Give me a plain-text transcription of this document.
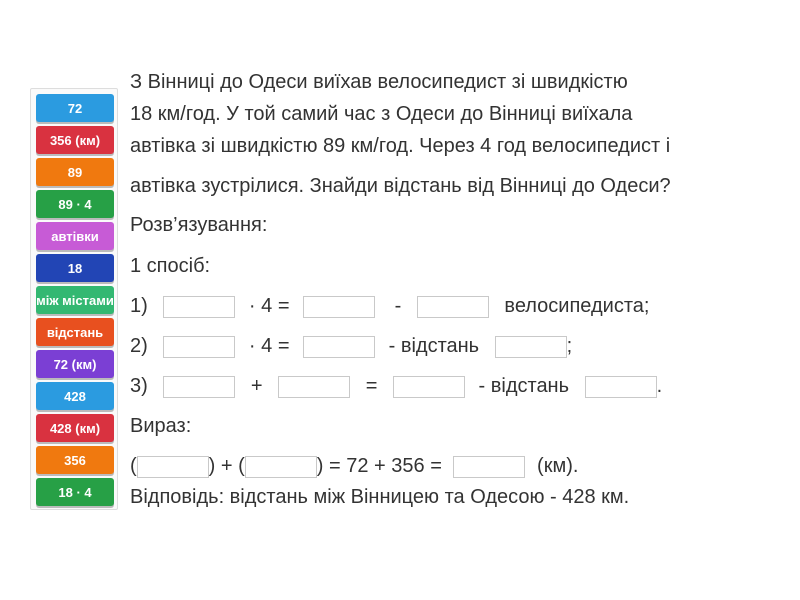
72
356 (км)
89
89 · 4
автівки
18
між містами
відстань
72 (км)
428
428 (км)
356
18 · 4
З Вінниці до Одеси виїхав велосипедист зі швидкістю
18 км/год. У той самий час з Одеси до Вінниці виїхала
автівка зі швидкістю 89 км/год. Через 4 год велосипедист і
автівка зустрілися. Знайди відстань від Вінниці до Одеси?
Розв’язування:
1 спосіб:
1)	· 4 =	-	велосипедиста;
2)	· 4 =	- відстань	;
3)	+	=	- відстань	.
Вираз:
(	) + (	) = 72 + 356 =	(км).
Відповідь: відстань між Вінницею та Одесою - 428 км.
